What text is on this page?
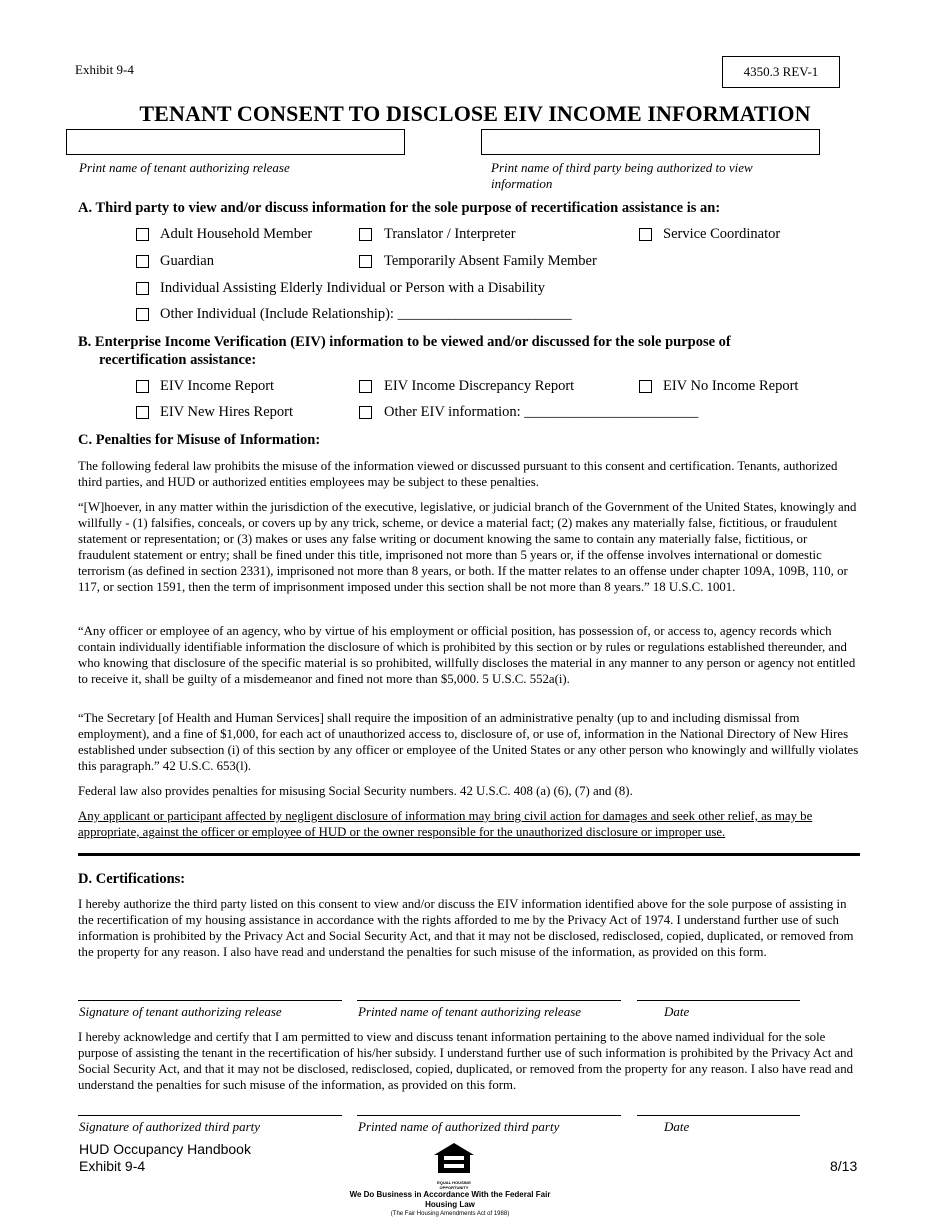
Exhibit 9-4	4350.3 REV-1
TENANT CONSENT TO DISCLOSE EIV INCOME INFORMATION
Print name of tenant authorizing release	Print name of third party being authorized to view information
A. Third party to view and/or discuss information for the sole purpose of recertification assistance is an:
Adult Household Member	Translator / Interpreter	Service Coordinator
Guardian	Temporarily Absent Family Member
Individual Assisting Elderly Individual or Person with a Disability
Other Individual (Include Relationship): ________________________
B. Enterprise Income Verification (EIV) information to be viewed and/or discussed for the sole purpose of
recertification assistance:
EIV Income Report	EIV Income Discrepancy Report	EIV No Income Report
EIV New Hires Report	Other EIV information: ________________________
C. Penalties for Misuse of Information:
The following federal law prohibits the misuse of the information viewed or discussed pursuant to this consent and certification. Tenants, authorized third parties, and HUD or authorized entities employees may be subject to these penalties.
“[W]hoever, in any matter within the jurisdiction of the executive, legislative, or judicial branch of the Government of the United States, knowingly and willfully - (1) falsifies, conceals, or covers up by any trick, scheme, or device a material fact; (2) makes any materially false, fictitious, or fraudulent statement or representation; or (3) makes or uses any false writing or document knowing the same to contain any materially false, fictitious, or fraudulent statement or entry; shall be fined under this title, imprisoned not more than 5 years or, if the offense involves international or domestic terrorism (as defined in section 2331), imprisoned not more than 8 years, or both. If the matter relates to an offense under chapter 109A, 109B, 110, or 117, or section 1591, then the term of imprisonment imposed under this section shall be not more than 8 years.” 18 U.S.C. 1001.
“Any officer or employee of an agency, who by virtue of his employment or official position, has possession of, or access to, agency records which contain individually identifiable information the disclosure of which is prohibited by this section or by rules or regulations established thereunder, and who knowing that disclosure of the specific material is so prohibited, willfully discloses the material in any manner to any person or agency not entitled to receive it, shall be guilty of a misdemeanor and fined not more than $5,000. 5 U.S.C. 552a(i).
“The Secretary [of Health and Human Services] shall require the imposition of an administrative penalty (up to and including dismissal from employment), and a fine of $1,000, for each act of unauthorized access to, disclosure of, or use of, information in the National Directory of New Hires established under subsection (i) of this section by any officer or employee of the United States or any other person who knowingly and willfully violates this paragraph.” 42 U.S.C. 653(l).
Federal law also provides penalties for misusing Social Security numbers. 42 U.S.C. 408 (a) (6), (7) and (8).
Any applicant or participant affected by negligent disclosure of information may bring civil action for damages and seek other relief, as may be appropriate, against the officer or employee of HUD or the owner responsible for the unauthorized disclosure or improper use.
D. Certifications:
I hereby authorize the third party listed on this consent to view and/or discuss the EIV information identified above for the sole purpose of assisting in the recertification of my housing assistance in accordance with the rights afforded to me by the Privacy Act of 1974. I understand further use of such information is prohibited by the Privacy Act and Social Security Act, and that it may not be disclosed, redisclosed, copied, duplicated, or removed from the property for any reason. I also have read and understand the penalties for such misuse of the information, as provided on this form.
Signature of tenant authorizing release	Printed name of tenant authorizing release	Date
I hereby acknowledge and certify that I am permitted to view and discuss tenant information pertaining to the above named individual for the sole purpose of assisting the tenant in the recertification of his/her subsidy. I understand further use of such information is prohibited by the Privacy Act and Social Security Act, and that it may not be disclosed, redisclosed, copied, duplicated, or removed from the property for any reason. I also have read and understand the penalties for such misuse of the information, as provided on this form.
Signature of authorized third party	Printed name of authorized third party	Date
HUD Occupancy Handbook
Exhibit 9-4	8/13
EQUAL HOUSING OPPORTUNITY
We Do Business in Accordance With the Federal Fair
Housing Law
(The Fair Housing Amendments Act of 1988)
